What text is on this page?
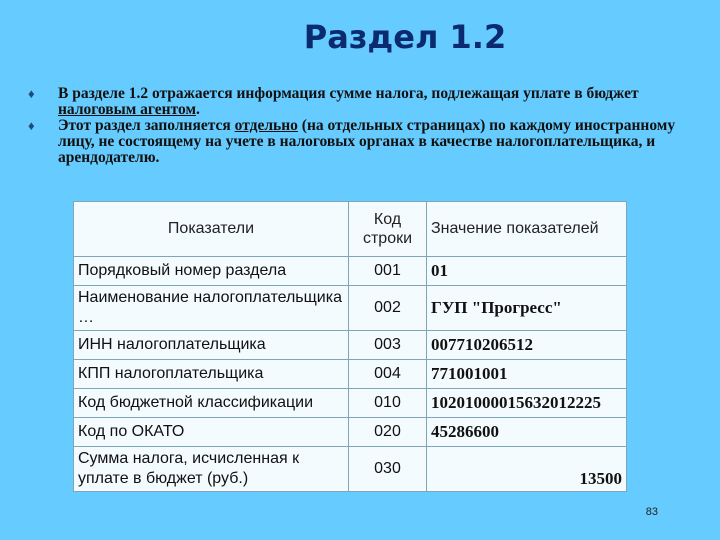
Раздел 1.2
♦ В разделе 1.2 отражается информация сумме налога, подлежащая уплате в бюджет налоговым агентом.
♦ Этот раздел заполняется отдельно (на отдельных страницах) по каждому иностранному лицу, не состоящему на учете в налоговых органах в качестве налогоплательщика, и арендодателю.
Показатели	Код строки	Значение показателей
Порядковый номер раздела	001	01
Наименование налогоплательщика …	002	ГУП "Прогресс"
ИНН налогоплательщика	003	007710206512
КПП налогоплательщика	004	771001001
Код бюджетной классификации	010	10201000015632012225
Код по ОКАТО	020	45286600
Сумма налога, исчисленная к уплате в бюджет (руб.)	030	13500
83
